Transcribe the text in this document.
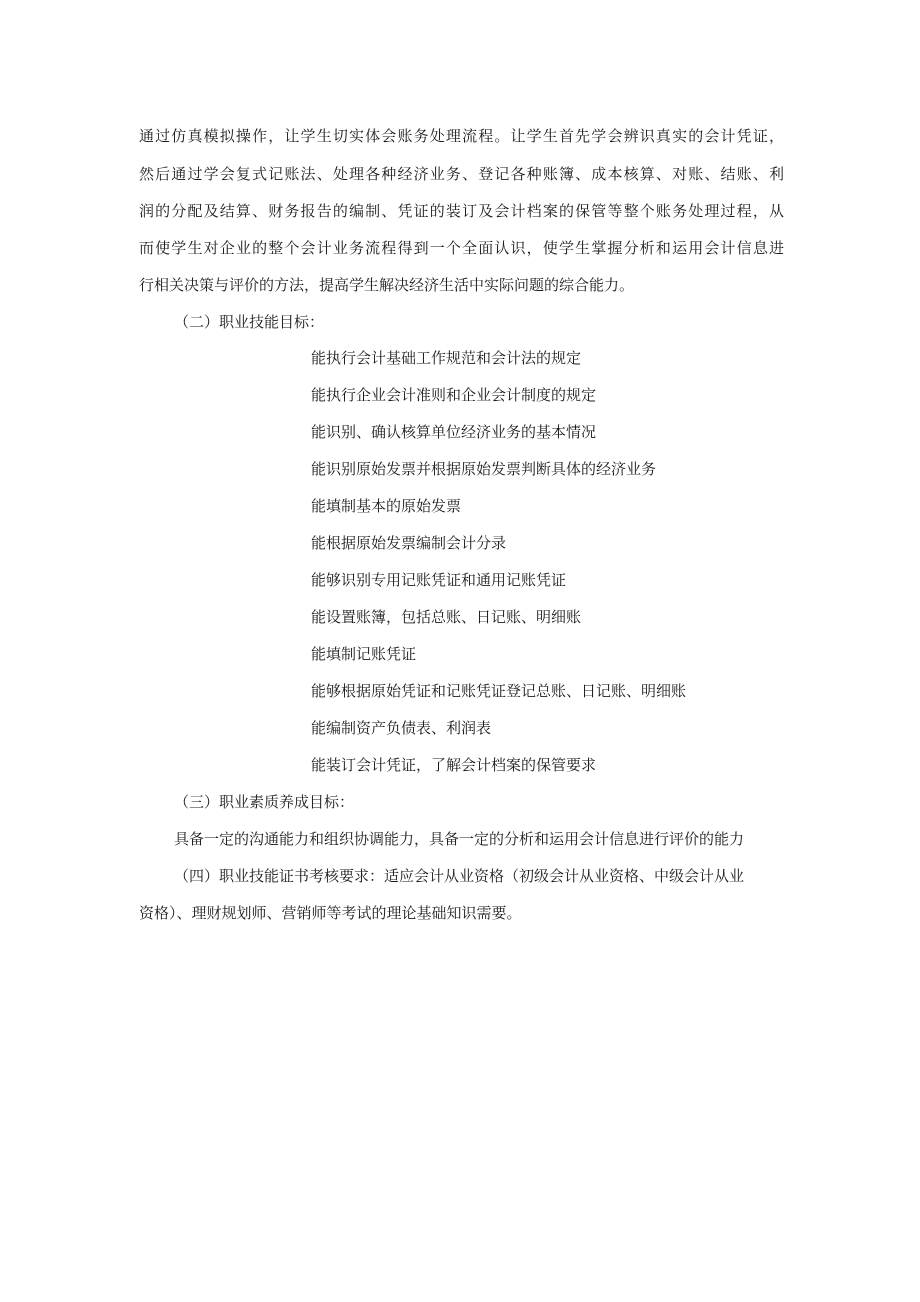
通过仿真模拟操作，让学生切实体会账务处理流程。让学生首先学会辨识真实的会计凭证，
然后通过学会复式记账法、处理各种经济业务、登记各种账簿、成本核算、对账、结账、利
润的分配及结算、财务报告的编制、凭证的装订及会计档案的保管等整个账务处理过程，从
而使学生对企业的整个会计业务流程得到一个全面认识，使学生掌握分析和运用会计信息进
行相关决策与评价的方法，提高学生解决经济生活中实际问题的综合能力。
（二）职业技能目标：
能执行会计基础工作规范和会计法的规定
能执行企业会计准则和企业会计制度的规定
能识别、确认核算单位经济业务的基本情况
能识别原始发票并根据原始发票判断具体的经济业务
能填制基本的原始发票
能根据原始发票编制会计分录
能够识别专用记账凭证和通用记账凭证
能设置账簿，包括总账、日记账、明细账
能填制记账凭证
能够根据原始凭证和记账凭证登记总账、日记账、明细账
能编制资产负债表、利润表
能装订会计凭证，了解会计档案的保管要求
（三）职业素质养成目标：
具备一定的沟通能力和组织协调能力，具备一定的分析和运用会计信息进行评价的能力
（四）职业技能证书考核要求：适应会计从业资格（初级会计从业资格、中级会计从业
资格）、理财规划师、营销师等考试的理论基础知识需要。
